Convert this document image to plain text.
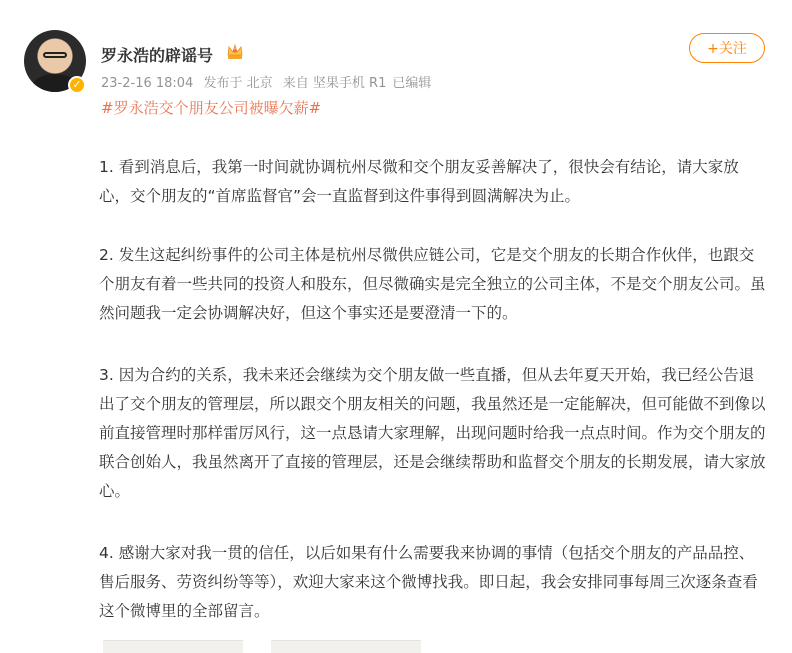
✓
罗永浩的辟谣号
23-2-16 18:04 发布于 北京 来自 坚果手机 R1 已编辑
+关注
#罗永浩交个朋友公司被曝欠薪#
1. 看到消息后，我第一时间就协调杭州尽微和交个朋友妥善解决了，很快会有结论，请大家放心，交个朋友的“首席监督官”会一直监督到这件事得到圆满解决为止。
2. 发生这起纠纷事件的公司主体是杭州尽微供应链公司，它是交个朋友的长期合作伙伴，也跟交个朋友有着一些共同的投资人和股东，但尽微确实是完全独立的公司主体，不是交个朋友公司。虽然问题我一定会协调解决好，但这个事实还是要澄清一下的。
3. 因为合约的关系，我未来还会继续为交个朋友做一些直播，但从去年夏天开始，我已经公告退出了交个朋友的管理层，所以跟交个朋友相关的问题，我虽然还是一定能解决，但可能做不到像以前直接管理时那样雷厉风行，这一点恳请大家理解，出现问题时给我一点点时间。作为交个朋友的联合创始人，我虽然离开了直接的管理层，还是会继续帮助和监督交个朋友的长期发展，请大家放心。
4. 感谢大家对我一贯的信任，以后如果有什么需要我来协调的事情（包括交个朋友的产品品控、售后服务、劳资纠纷等等），欢迎大家来这个微博找我。即日起，我会安排同事每周三次逐条查看这个微博里的全部留言。
